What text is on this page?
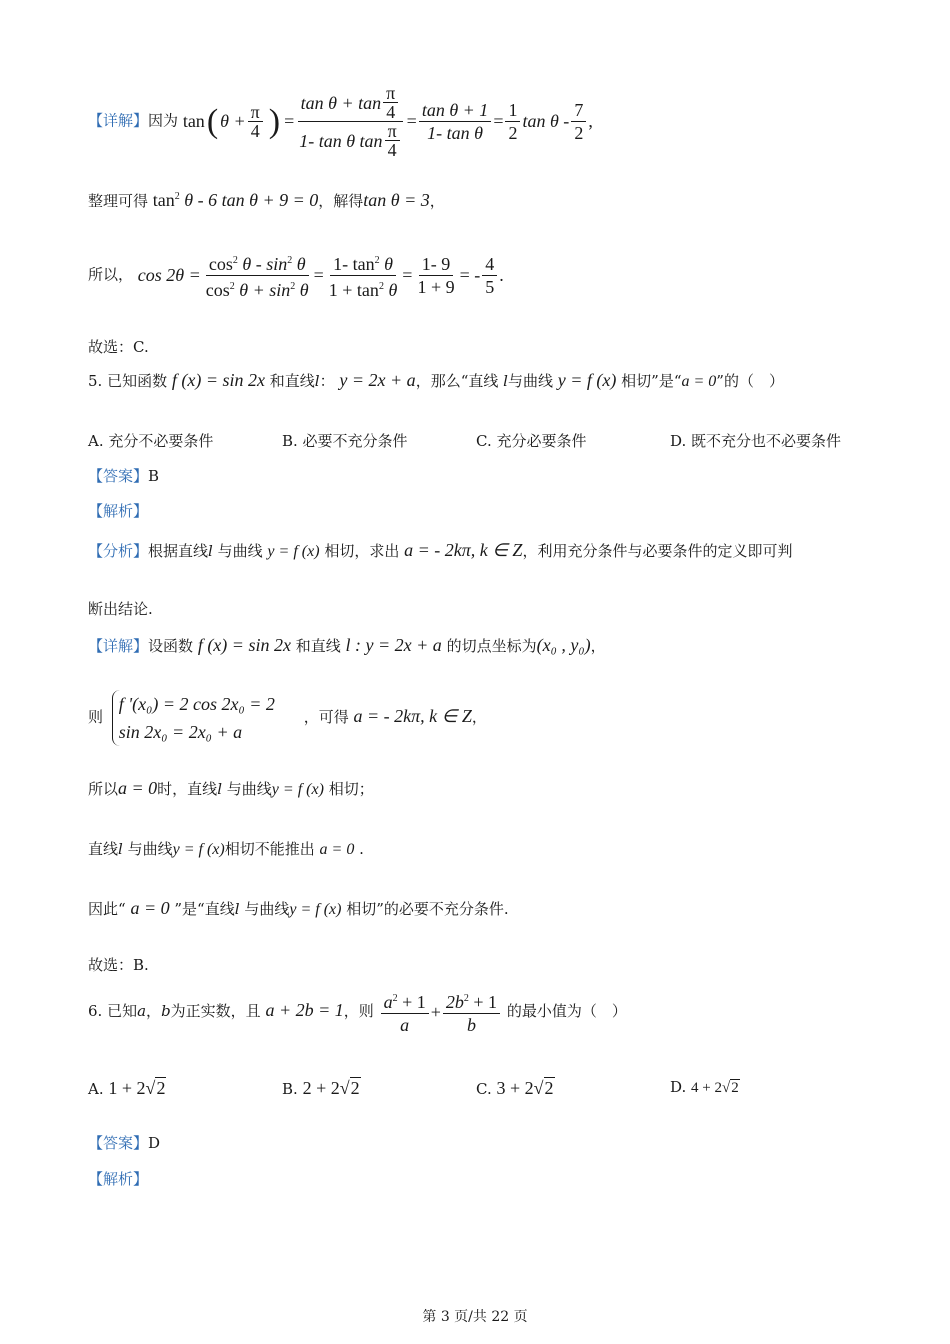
【详解】因为 tan ( $\theta + \frac{\pi}{4}$ ) = $\frac{\tan \theta + \tan \frac{\pi}{4}}{1- \tan \theta \tan \frac{\pi}{4}} = \frac{\text{tan θ + 1}}{\text{1- tan θ}} = \frac{1}{2}$ tan θ - $\frac{7}{2}$ ,
整理可得 $\tan^2 \theta - 6$ tan θ + 9 = 0，解得tan θ = 3，
所以， $\cos 2\theta = \frac{\cos^2 \theta - \sin^2 \theta}{\cos^2 \theta + \sin^2 \theta} = \frac{1- \tan^2 \theta}{1 + \tan^2 \theta} = \frac{1- 9}{1 + 9}$ = - $\frac{4}{5}$ .
故选：C.
5. 已知函数 f (x) = sin 2x 和直线l： y = 2x + a，那么“直线 l与曲线 y = f (x) 相切”是“a = 0”的（　）
A. 充分不必要条件	B. 必要不充分条件	C. 充分必要条件	D. 既不充分也不必要条件
【答案】B
【解析】
【分析】根据直线l 与曲线 y = f (x) 相切，求出 a = - 2kπ, k ∈ Z，利用充分条件与必要条件的定义即可判
断出结论.
【详解】设函数 f (x) = sin 2x 和直线 l : y = 2x + a 的切点坐标为(x₀ , y₀)，
则
f '(x₀) = 2 cos 2x₀ = 2
sin 2x₀ = 2x₀ + a
，可得 a = - 2kπ, k ∈ Z，
所以a = 0时，直线l 与曲线y = f (x) 相切；
直线l 与曲线y = f (x)相切不能推出 a = 0 .
因此“ a = 0 ”是“直线l 与曲线y = f (x) 相切”的必要不充分条件.
故选：B.
6. 已知a，b为正实数，且 a + 2b = 1，则 $\frac{a^2 + 1}{a} + \frac{2b^2 + 1}{b}$ 的最小值为（　）
A. 1 + 2√2	B. 2 + 2√2	C. 3 + 2√2	D. 4 + 2√2
【答案】D
【解析】
第 3 页/共 22 页
